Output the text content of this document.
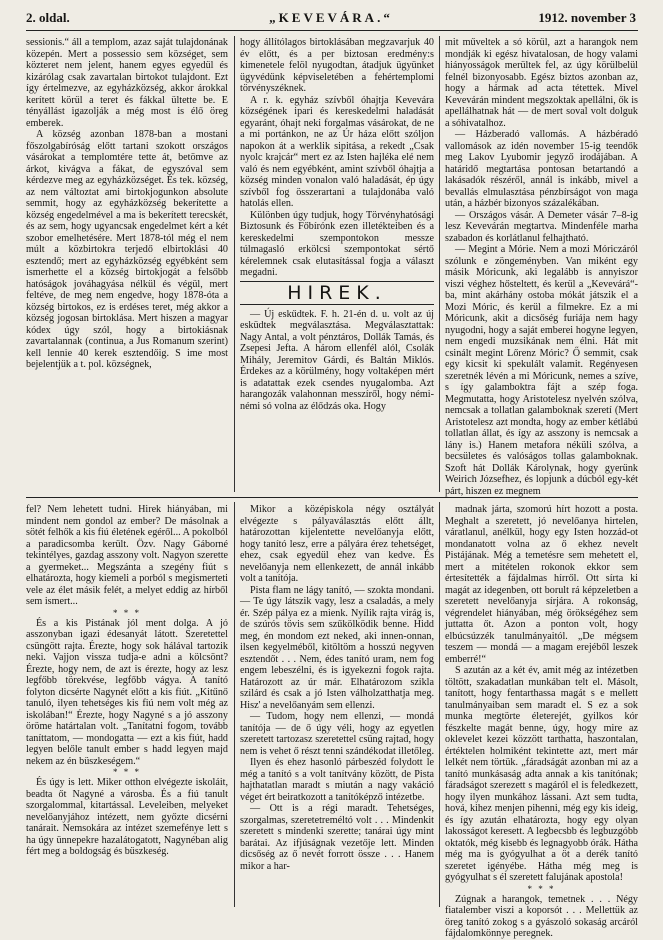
2. oldal.	„KEVEVÁRA.“	1912. november 3

sessionis.“ áll a templom, azaz saját tulajdonának közepén. Mert a possessio sem községet, sem közteret nem jelent, hanem egyes egyedül és kizárólag csak zavartalan birtokot tulajdont. Ezt így értelmezve, az egyházközség, akkor árokkal kerített körül a teret és fákkal ültette be. E tényállást igazolják a még most is élő öreg emberek.

A község azonban 1878-ban a mostani főszolgabíróság előtt tartani szokott országos vásárokat a templomtére tette át, betömve az árkot, kivágva a fákat, de egyszóval sem kérdezve meg az egyházközséget. És tek. község, az nem változtat ami birtokjogunkon absolute semmit, hogy az egyházközség bekerítette a község engedelmével a ma is bekerített terecskét, és az sem, hogy ugyancsak engedelmet kért a két szobor emelhetésére. Mert 1878-tól még el nem múlt a közbirtokra terjedő elbirtoklási 40 esztendő; mert az egyházközség egyébként sem ismerhette el a község birtokjogát a felsőbb hatóságok jováhagyása nélkül és végül, mert feltéve, de meg nem engedve, hogy 1878-óta a község birtokos, ez is erdéses teret, még akkor a község jogosan birtoklása. Mert hiszen a magyar kódex úgy szól, hogy a birtokiásnak zavartalannak (continua, a Jus Romanum szerint) kell lennie 40 kerek esztendőig. S ime most bejelentjük a t. pol. községnek,

hogy állítólagos birtoklásában megzavarjuk 40 év előtt, és a per biztosan eredmény:s kimenetele felöl nyugodtan, átadjuk ügyünket ügyvédünk képviseletében a fehértemplomi törvényszéknek.

A r. k. egyház szívből óhajtja Kevevára községének ipari és kereskedelmi haladását egyaránt, óhajt neki forgalmas vásárokat, de ne a mi portánkon, ne az Úr háza előtt szóljon napokon át a werklik sipitása, a rekedt „Csak nyolc krajcár“ mert ez az Isten hajléka elé nem való és nem egyébként, amint szívből óhajtja a község minden vonalon való haladását, ép úgy szívből fog összerartani a tulajdonába való hatolás ellen.

Különben úgy tudjuk, hogy Törvényhatósági Biztosunk és Főbírónk ezen illetékteiben és a kereskedelmi szempontokon messze túlmagasló erkölcsi szempontokat sértő kérelemnek csak elutasítással fogja a választ megadni.

HIREK.

— Új eskűdtek. F. h. 21-én d. u. volt az új esküdtek megválasztása. Megválasztattak: Nagy Antal, a volt pénztáros, Dollák Tamás, és Zsepesi Jefta. A három ellenfél alól, Csolák Mihály, Jeremitov Gárdi, és Baltán Miklós. Érdekes az a körülmény, hogy voltaképen mért is adatattak ezek csendes nyugalomba. Azt harangozák valahonnan messzíről, hogy némi-némi só volna az élődzás oka. Hogy

mit műveltek a só körül, azt a harangok nem mondják ki egész hivatalosan, de hogy valami hiányosságok merültek fel, az úgy körülbelül felnél bizonyosabb. Egész biztos azonban az, hogy a hármak ad acta tétettek. Mivel Kevevárán mindent megszoktak apellálni, ők is apellálhatnak hát — de mert soval volt dolguk a sóhivatalhoz.

— Házberadó vallomás. A házbéradó vallomások az idén november 15-ig teendők meg Lakov Lyubomir jegyző irodájában. A határidő megtartása pontosan betartandó a lakásadók részéről, annál is inkább, mivel a bevallás elmulasztása pénzbírságot von maga után, a házbér bizonyos százalékában.

— Országos vásár. A Demeter vásár 7–8-ig lesz Kevevárán megtartva. Mindenféle marha szabadon és korlátlanul felhajtható.

— Megint a Mórie. Nem a mozi Móriczáról szólunk e zöngeményben. Van miként egy másik Móricunk, aki legalább is annyiszor viszi véghez hősteltett, és kerül a „Kevevárá“-ba, mint akárhány ostoba mókát játszik el a Mozi Móric, és kerül a filmekre. Ez a mi Móricunk, akit a dicsőség furiája nem hagy nyugodni, hogy a saját emberei hogyne legyen, nem engedi muzsikának nem élni. Hát mit csinált megint Lőrenz Móric? Ő semmit, csak egy kicsit ki spekulált valamit. Regényesen szeretnék lévén a mi Móricunk, nemes a szíve, s így galamboktra fájt a szép foga. Megmutatta, hogy Aristotelesz nyelvén szólva, nemcsak a tollatlan galamboknak szeretí (Mert Aristotelesz azt mondta, hogy az ember kétlábú tollatlan állat, és így az asszony is nemcsak a lány is.) Hanem metafora néküli szólva, a becsületes és valóságos tollas galamboknak. Szoft hát Dollák Károlynak, hogy gyerünk Weirich Józsefhez, és lopjunk a dúcból egy-két párt, hiszen ez megnem

fel? Nem lehetett tudni. Hirek hiányában, mi mindent nem gondol az ember? De másolnak a sötét felhők a kis fiú életének egéről... A pokolból a paradicsomba került. Özv. Nagy Gáborné tekintélyes, gazdag asszony volt. Nagyon szerette a gyermeket... Megszánta a szegény fiút s elhatározta, hogy kiemeli a porból s megismerteti vele az élet másik felét, a melyet eddig az hírből sem ismert...

* * *

És a kis Pistának jól ment dolga. A jó asszonyban igazi édesanyát látott. Szeretettel csüngött rajta. Érezte, hogy sok hálával tartozik neki. Vajjon vissza tudja-e adni a kölcsönt? Érezte, hogy nem, de azt is érezte, hogy az lesz legfőbb törekvése, legfőbb vágya. A tanító folyton dicsérte Nagynét előtt a kis fiút. „Kitűnő tanuló, ilyen tehetséges kis fiú nem volt még az iskolában!“ Érezte, hogy Nagyné s a jó asszony öröme határtalan volt. „Tanítatni fogom, tovább taníttatom, — mondogatta — ezt a kis fiút, hadd legyen belőle tanult ember s hadd legyen majd nekem az én büszkeségem.“

* * *

És úgy is lett. Miker otthon elvégezte iskoláit, beadta őt Nagyné a városba. És a fiú tanult szorgalommal, kitartással. Leveleiben, melyeket nevelőanyjához intézett, nem győzte dicsérni tanárait. Nemsokára az intézet szemefénye lett s ha úgy ünnepekre hazalátogatott, Nagynéban alig fért meg a boldogság és büszkeség.

Mikor a középiskola négy osztályát elvégezte s pályaválasztás előtt állt, határozottan kijelentette nevelőanyja előtt, hogy tanító lesz, erre a pályára érez tehetséget, ehez, csak egyedül ehez van kedve. És nevelőanyja nem ellenkezett, de annál inkább volt a tanítója.

Pista flam ne lágy tanító, — szokta mondani. — Te úgy látszik vagy, lesz a csaladás, a mely ér. Szép pálya ez a mienk. Nyílik rajta virág is, de szúrós tövis sem szűkölködik benne. Hidd meg, én mondom ezt neked, aki innen-onnan, ilsen kegyelméből, kitöltöm a hosszú negyven esztendőt . . . Nem, édes tanító uram, nem fog engem lebeszélni, és is igyekezni fogok rajta. Határozott az úr már. Elhatározom szikla szilárd és csak a jó Isten válholzatthatja meg. Hisz' a nevelőanyám sem ellenzi.

— Tudom, hogy nem ellenzi, — mondá tanítója — de ő úgy véli, hogy az egyetlen szeretett tartozasz szeretettel csüng rajtad, hogy nem is vehet ő részt tenni szándékodat illetőleg.

Ilyen és ehez hasonló párbeszéd folydott le még a tanító s a volt tanítvány között, de Pista hajthatatlan maradt s miután a nagy vakáció véget ért beiratkozott a tanítóképző intézetbe.

— Ott is a régi maradt. Tehetséges, szorgalmas, szeretetreméltó volt . . . Mindenkit szeretett s mindenki szerette; tanárai úgy mint barátai. Az ifjúságnak vezetője lett. Minden dicsőség az ő nevét forrott össze . . . Hanem mikor a har-

madnak járta, szomorú hírt hozott a posta. Meghalt a szeretett, jó nevelőanya hirtelen, váratlanul, anélkül, hogy egy Isten hozzád-ot mondanatott volna az ő ekhez nevelt Pistájának. Még a temetésre sem mehetett el, mert a mitételen rokonok ekkor sem értesítették a fájdalmas hírről. Ott sírta ki magát az idegenben, ott borult rá képzeletben a szeretett nevelőanyja sírjára. A rokonság, végrendelet hiányában, még örökségéhez sem juttatta őt. Azon a ponton volt, hogy elbúcsúzzék tanulmányaitól. „De mégsem teszem — mondá — a magam erejéből leszek emberré!“

S azután az a két év, amit még az intézetben töltött, szakadatlan munkában telt el. Másolt, tanított, hogy fentarthassa magát s e mellett tanulmányaiban sem maradt el. S ez a sok munka megtörte életerejét, gyilkos kór fészkelte magát benne, úgy, hogy mire az oklevelet kezei közzött tarthatta, haszontalan, értéktelen holmiként tekintette azt, mert már lelkét nem törtük. „fáradságát azonban mi az a tanító munkásaság adta annak a kis tanítónak; fáradságot szerezett s magáról el is feledkezett, hogy ilyen munkához lássani. Azt sem tudta, hová, kihez menjen pihenni, még egy kis ideig, és így azután elhatározta, hogy egy olyan lakosságot keresett. A legbecsbb és legbuzgóbb oktatók, még kisebb és legnagyobb órák. Hátha még ma is gyógyulhat a öt a derék tanító szeretet igényébe. Hátha még meg is gyógyulhat s él szeretett falujának apostola!

* * *

Zúgnak a harangok, temetnek . . . Négy fiatalember viszi a koporsót . . . Mellettük az öreg tanító zokog s a gyászoló sokaság arcáról fájdalomkönnye peregnek.
